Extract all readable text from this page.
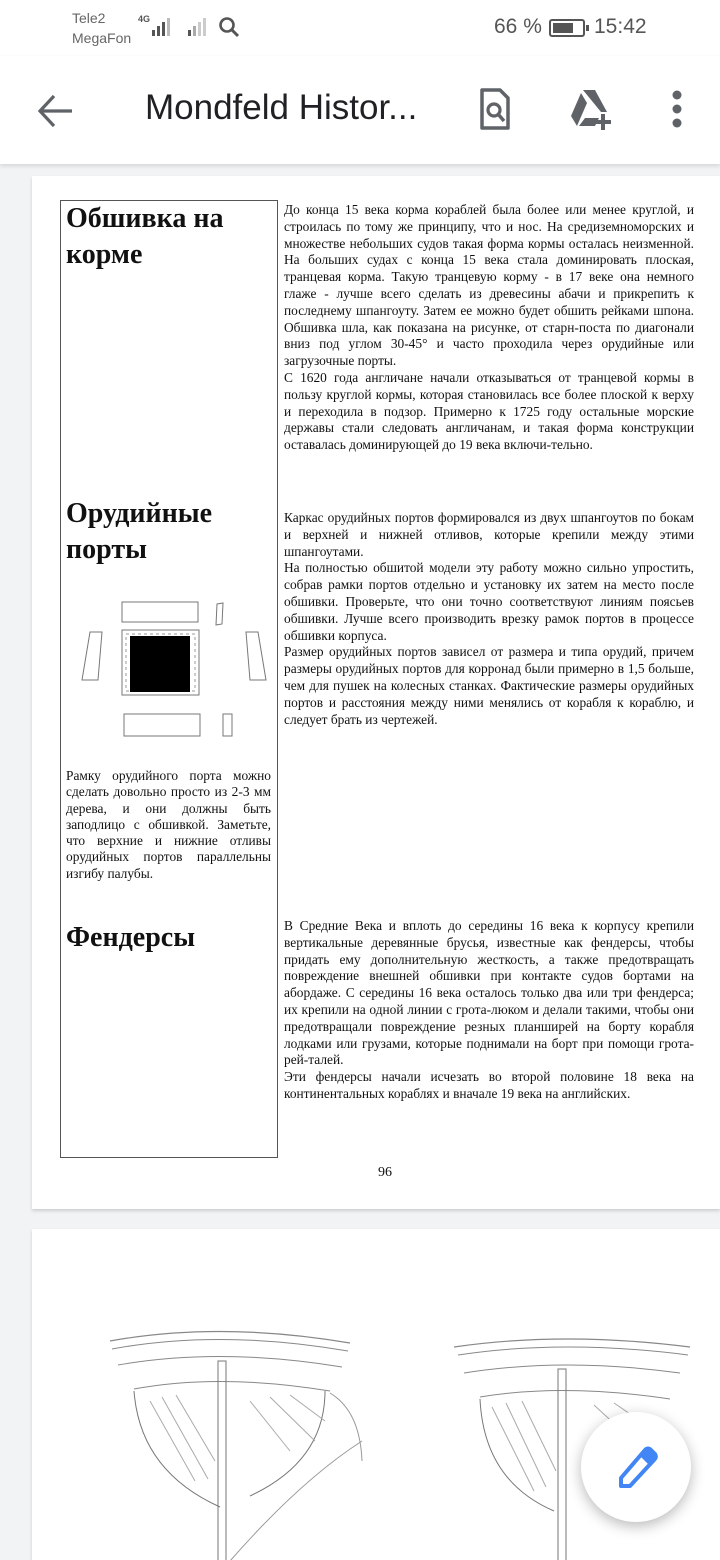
Tele2
MegaFon
4G	66 % 15:42
Mondfeld Histor...
Обшивка на корме

До конца 15 века корма кораблей была более или менее круглой, и строилась по тому же принципу, что и нос. На средиземноморских и множестве небольших судов такая форма кормы осталась неизменной. На больших судах с конца 15 века стала доминировать плоская, транцевая корма. Такую транцевую корму - в 17 веке она немного глаже - лучше всего сделать из древесины абачи и прикрепить к последнему шпангоуту. Затем ее можно будет обшить рейками шпона. Обшивка шла, как показана на рисунке, от старн-поста по диагонали вниз под углом 30-45° и часто проходила через орудийные или загрузочные порты.

С 1620 года англичане начали отказываться от транцевой кормы в пользу круглой кормы, которая становилась все более плоской к верху и переходила в подзор. Примерно к 1725 году остальные морские державы стали следовать англичанам, и такая форма конструкции оставалась доминирующей до 19 века включи-тельно.

Орудийные порты

Каркас орудийных портов формировался из двух шпангоутов по бокам и верхней и нижней отливов, которые крепили между этими шпангоутами.

На полностью обшитой модели эту работу можно сильно упростить, собрав рамки портов отдельно и установку их затем на место после обшивки. Проверьте, что они точно соответствуют линиям поясьев обшивки. Лучше всего производить врезку рамок портов в процессе обшивки корпуса.

Размер орудийных портов зависел от размера и типа орудий, причем размеры орудийных портов для корронад были примерно в 1,5 больше, чем для пушек на колесных станках. Фактические размеры орудийных портов и расстояния между ними менялись от корабля к кораблю, и следует брать из чертежей.

Рамку орудийного порта можно сделать довольно просто из 2-3 мм дерева, и они должны быть заподлицо с обшивкой. Заметьте, что верхние и нижние отливы орудийных портов параллельны изгибу палубы.
Фендерсы	В Средние Века и вплоть до середины 16 века к корпусу крепили вертикальные деревянные брусья, известные как фендерсы, чтобы придать ему дополнительную жесткость, а также предотвращать повреждение внешней обшивки при контакте судов бортами на абордаже. С середины 16 века осталось только два или три фендерса; их крепили на одной линии с грота-люком и делали такими, чтобы они предотвращали повреждение резных планширей на борту корабля лодками или грузами, которые поднимали на борт при помощи грота-рей-талей.

Эти фендерсы начали исчезать во второй половине 18 века на континентальных кораблях и вначале 19 века на английских.

96
